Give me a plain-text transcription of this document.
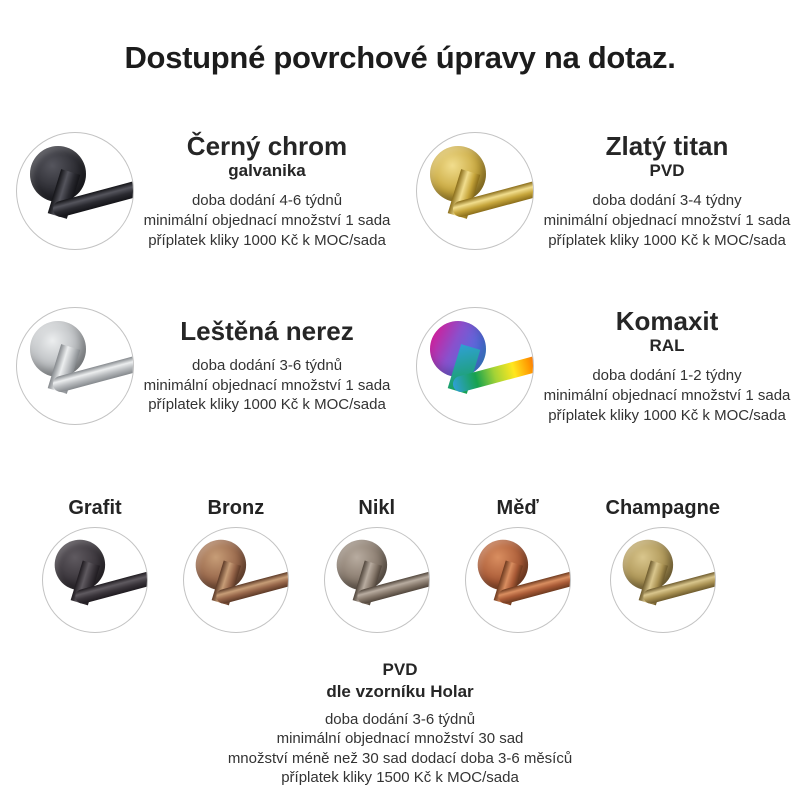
Dostupné povrchové úpravy na dotaz.
Černý chrom
galvanika
doba dodání 4-6 týdnů
minimální objednací množství 1 sada
příplatek kliky 1000 Kč k MOC/sada
Zlatý titan
PVD
doba dodání 3-4 týdny
minimální objednací množství 1 sada
příplatek kliky 1000 Kč k MOC/sada
Leštěná nerez
doba dodání 3-6 týdnů
minimální objednací množství 1 sada
příplatek kliky 1000 Kč k MOC/sada
Komaxit
RAL
doba dodání 1-2 týdny
minimální objednací množství 1 sada
příplatek kliky 1000 Kč k MOC/sada
Grafit	Bronz	Nikl	Měď	Champagne
PVD
dle vzorníku Holar
doba dodání 3-6 týdnů
minimální objednací množství 30 sad
množství méně než 30 sad dodací doba 3-6 měsíců
příplatek kliky 1500 Kč k MOC/sada
